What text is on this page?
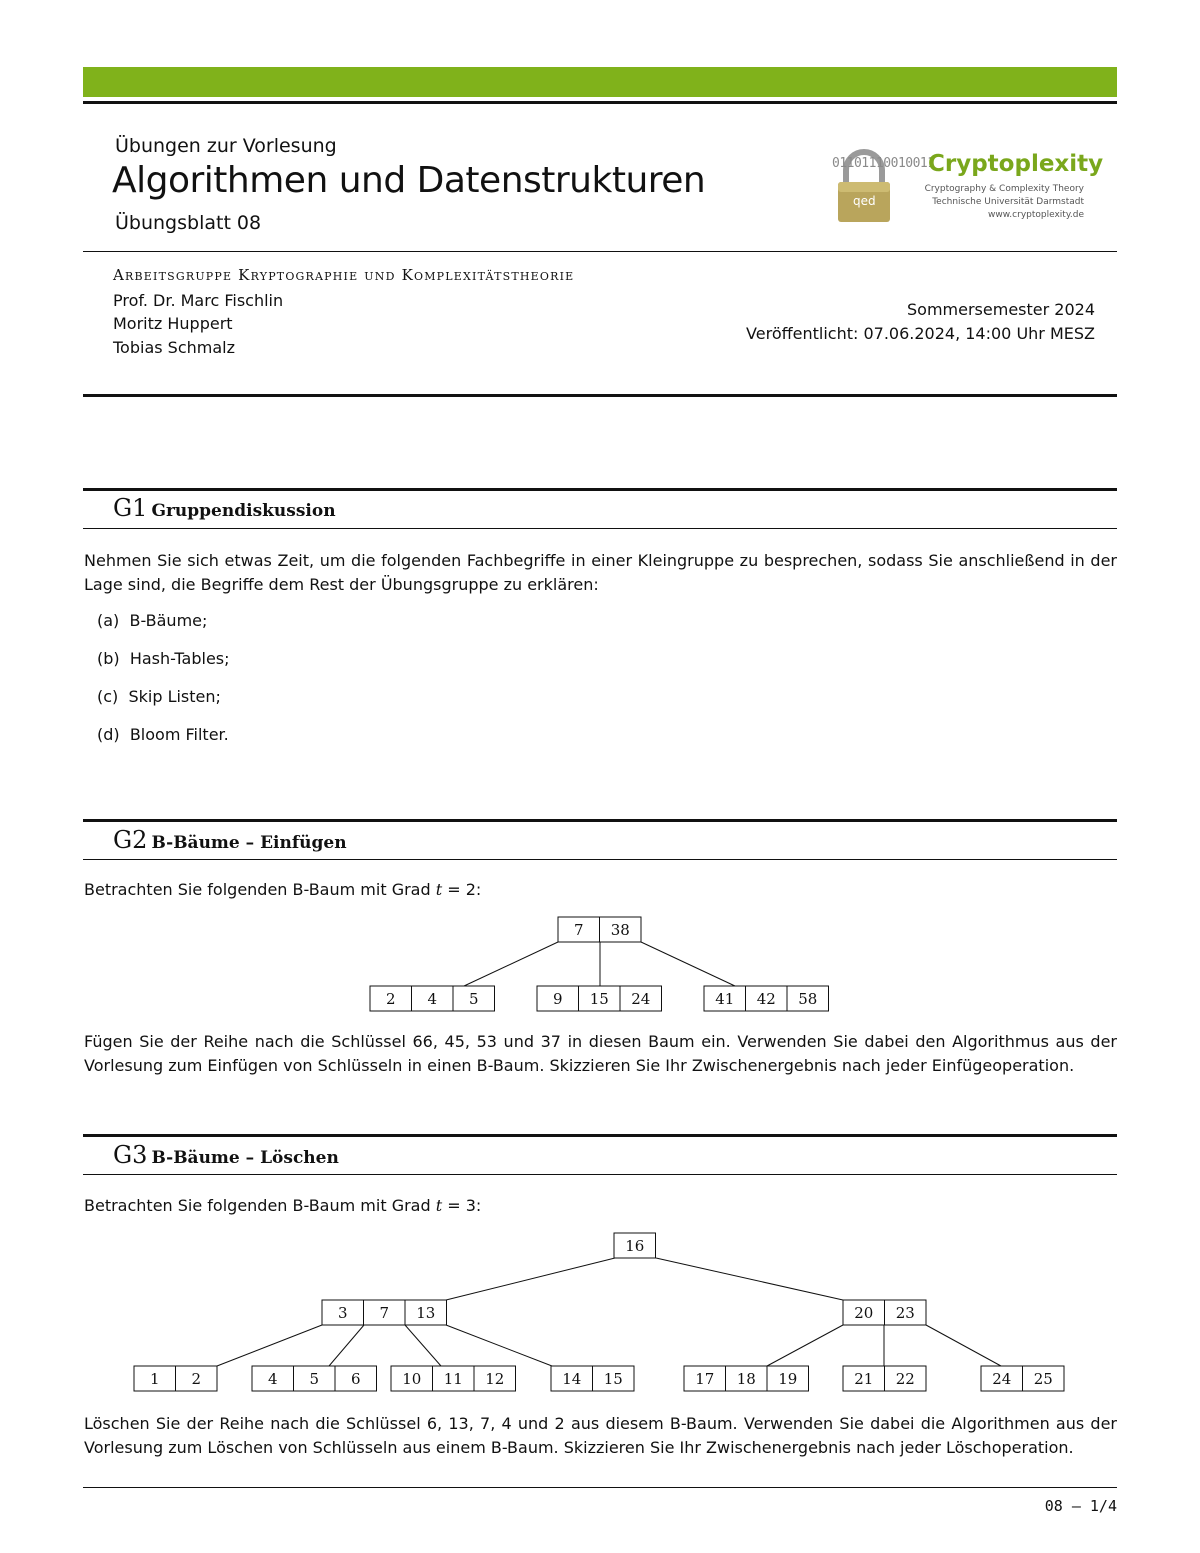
Übungen zur Vorlesung
Algorithmen und Datenstrukturen
Übungsblatt 08
01101110010011
qed
Cryptoplexity
Cryptography & Complexity Theory
Technische Universität Darmstadt
www.cryptoplexity.de
Arbeitsgruppe Kryptographie und Komplexitätstheorie
Prof. Dr. Marc Fischlin
Moritz Huppert
Tobias Schmalz
Sommersemester 2024
Veröffentlicht: 07.06.2024, 14:00 Uhr MESZ
G1 Gruppendiskussion

Nehmen Sie sich etwas Zeit, um die folgenden Fachbegriffe in einer Kleingruppe zu besprechen, sodass Sie anschließend in der Lage sind, die Begriffe dem Rest der Übungsgruppe zu erklären:

(a) B-Bäume;
(b) Hash-Tables;
(c) Skip Listen;
(d) Bloom Filter.
G2 B-Bäume – Einfügen
Betrachten Sie folgenden B-Baum mit Grad t = 2:
7 38
2 4 5	9 15 24	41 42 58
16
3 7 13	20 23
1 2	4 5 6	10 11 12	14 15	17 18 19	21 22	24 25

Fügen Sie der Reihe nach die Schlüssel 66, 45, 53 und 37 in diesen Baum ein. Verwenden Sie dabei den Algorithmus aus der Vorlesung zum Einfügen von Schlüsseln in einen B-Baum. Skizzieren Sie Ihr Zwischenergebnis nach jeder Einfügeoperation.

G3 B-Bäume – Löschen
Betrachten Sie folgenden B-Baum mit Grad t = 3:

Löschen Sie der Reihe nach die Schlüssel 6, 13, 7, 4 und 2 aus diesem B-Baum. Verwenden Sie dabei die Algorithmen aus der Vorlesung zum Löschen von Schlüsseln aus einem B-Baum. Skizzieren Sie Ihr Zwischenergebnis nach jeder Löschoperation.

08 – 1/4
